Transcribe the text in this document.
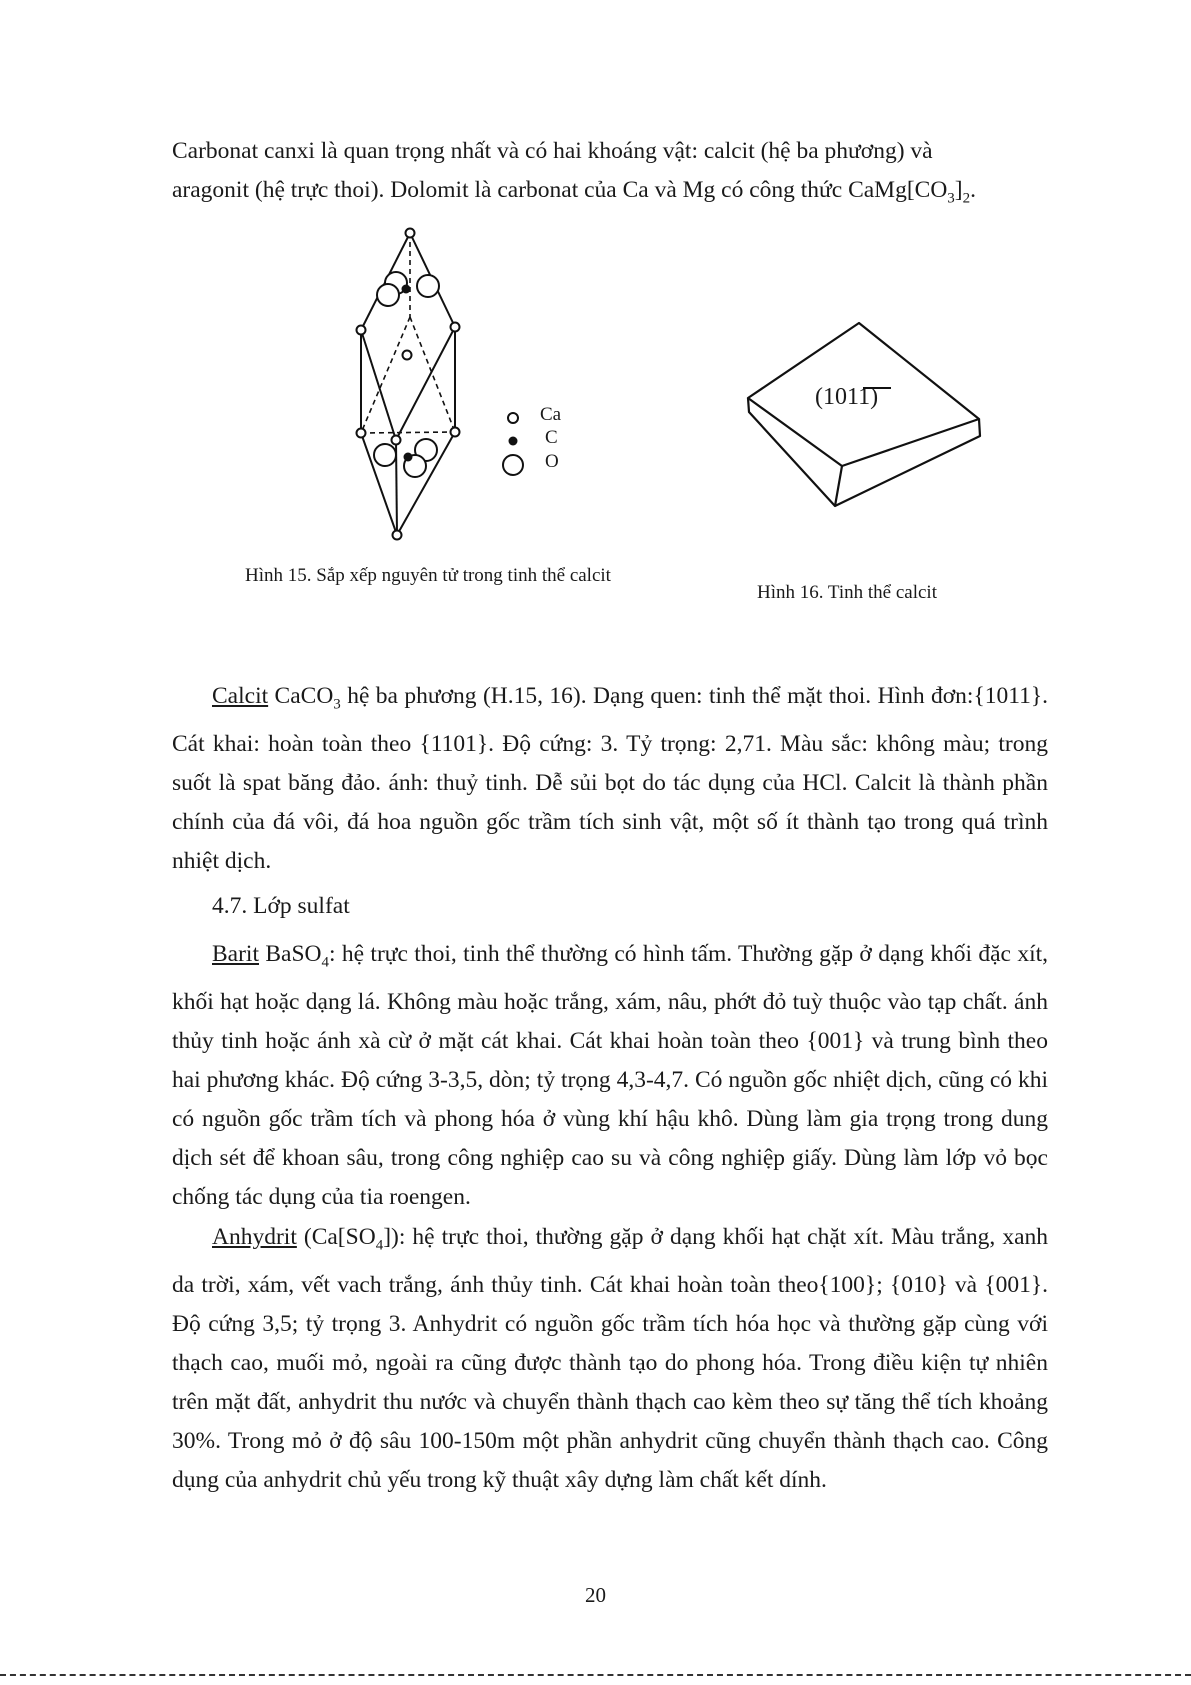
Carbonat canxi là quan trọng nhất và có hai khoáng vật: calcit (hệ ba phương) và
aragonit (hệ trực thoi). Dolomit là carbonat của Ca và Mg có công thức $CaMg[CO_3]_2$.
Ca
C
O
Hình 15. Sắp xếp nguyên tử trong tinh thể calcit
(1011)
Hình 16. Tinh thể calcit
Calcit CaCO$_3$ hệ ba phương (H.15, 16). Dạng quen: tinh thể mặt thoi. Hình đơn:{1011}. Cát khai: hoàn toàn theo {1101}. Độ cứng: 3. Tỷ trọng: 2,71. Màu sắc: không màu; trong suốt là spat băng đảo. ánh: thuỷ tinh. Dễ sủi bọt do tác dụng của HCl. Calcit là thành phần chính của đá vôi, đá hoa nguồn gốc trầm tích sinh vật, một số ít thành tạo trong quá trình nhiệt dịch.
4.7. Lớp sulfat
Barit BaSO$_4$: hệ trực thoi, tinh thể thường có hình tấm. Thường gặp ở dạng khối đặc xít, khối hạt hoặc dạng lá. Không màu hoặc trắng, xám, nâu, phớt đỏ tuỳ thuộc vào tạp chất. ánh thủy tinh hoặc ánh xà cừ ở mặt cát khai. Cát khai hoàn toàn theo {001} và trung bình theo hai phương khác. Độ cứng 3-3,5, dòn; tỷ trọng 4,3-4,7. Có nguồn gốc nhiệt dịch, cũng có khi có nguồn gốc trầm tích và phong hóa ở vùng khí hậu khô. Dùng làm gia trọng trong dung dịch sét để khoan sâu, trong công nghiệp cao su và công nghiệp giấy. Dùng làm lớp vỏ bọc chống tác dụng của tia roengen.
Anhydrit $(Ca[SO_4])$: hệ trực thoi, thường gặp ở dạng khối hạt chặt xít. Màu trắng, xanh da trời, xám, vết vach trắng, ánh thủy tinh. Cát khai hoàn toàn theo{100}; {010} và {001}. Độ cứng 3,5; tỷ trọng 3. Anhydrit có nguồn gốc trầm tích hóa học và thường gặp cùng với thạch cao, muối mỏ, ngoài ra cũng được thành tạo do phong hóa. Trong điều kiện tự nhiên trên mặt đất, anhydrit thu nước và chuyển thành thạch cao kèm theo sự tăng thể tích khoảng 30%. Trong mỏ ở độ sâu 100-150m một phần anhydrit cũng chuyển thành thạch cao. Công dụng của anhydrit chủ yếu trong kỹ thuật xây dựng làm chất kết dính.
20
